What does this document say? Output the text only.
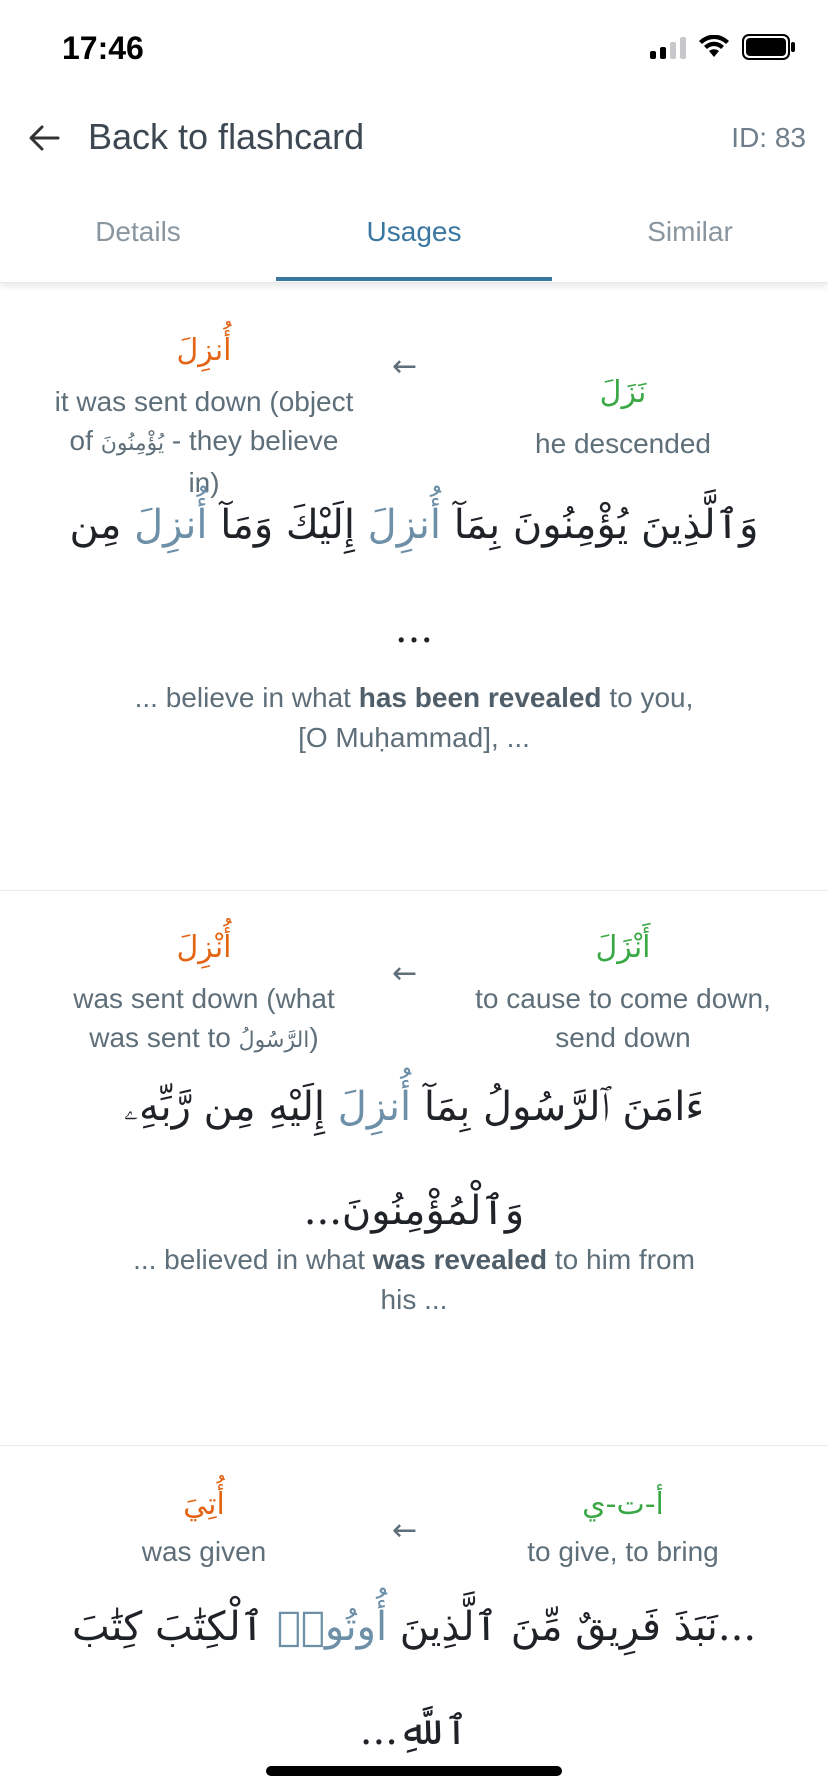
17:46
Back to flashcard	ID: 83
Details	Usages	Similar
أُنزِلَ
it was sent down (object
of يُؤْمِنُونَ - they believe
in)
←
نَزَلَ
he descended
وَٱلَّذِينَ يُؤْمِنُونَ بِمَآ أُنزِلَ إِلَيْكَ وَمَآ أُنزِلَ مِن
...
... believe in what has been revealed to you,
[O Muḥammad], ...
أُنْزِلَ
was sent down (what
was sent to الرَّسُولُ)
←
أَنْزَلَ
to cause to come down,
send down
ءَامَنَ ٱلرَّسُولُ بِمَآ أُنزِلَ إِلَيْهِ مِن رَّبِّهِۦ
وَٱلْمُؤْمِنُونَ...
... believed in what was revealed to him from
his ...
أُتِيَ
was given
←
أ-ت-ي
to give, to bring
...نَبَذَ فَرِيقٌ مِّنَ ٱلَّذِينَ أُوتُوا۟ ٱلْكِتَٰبَ كِتَٰبَ
ٱللَّهِ...
